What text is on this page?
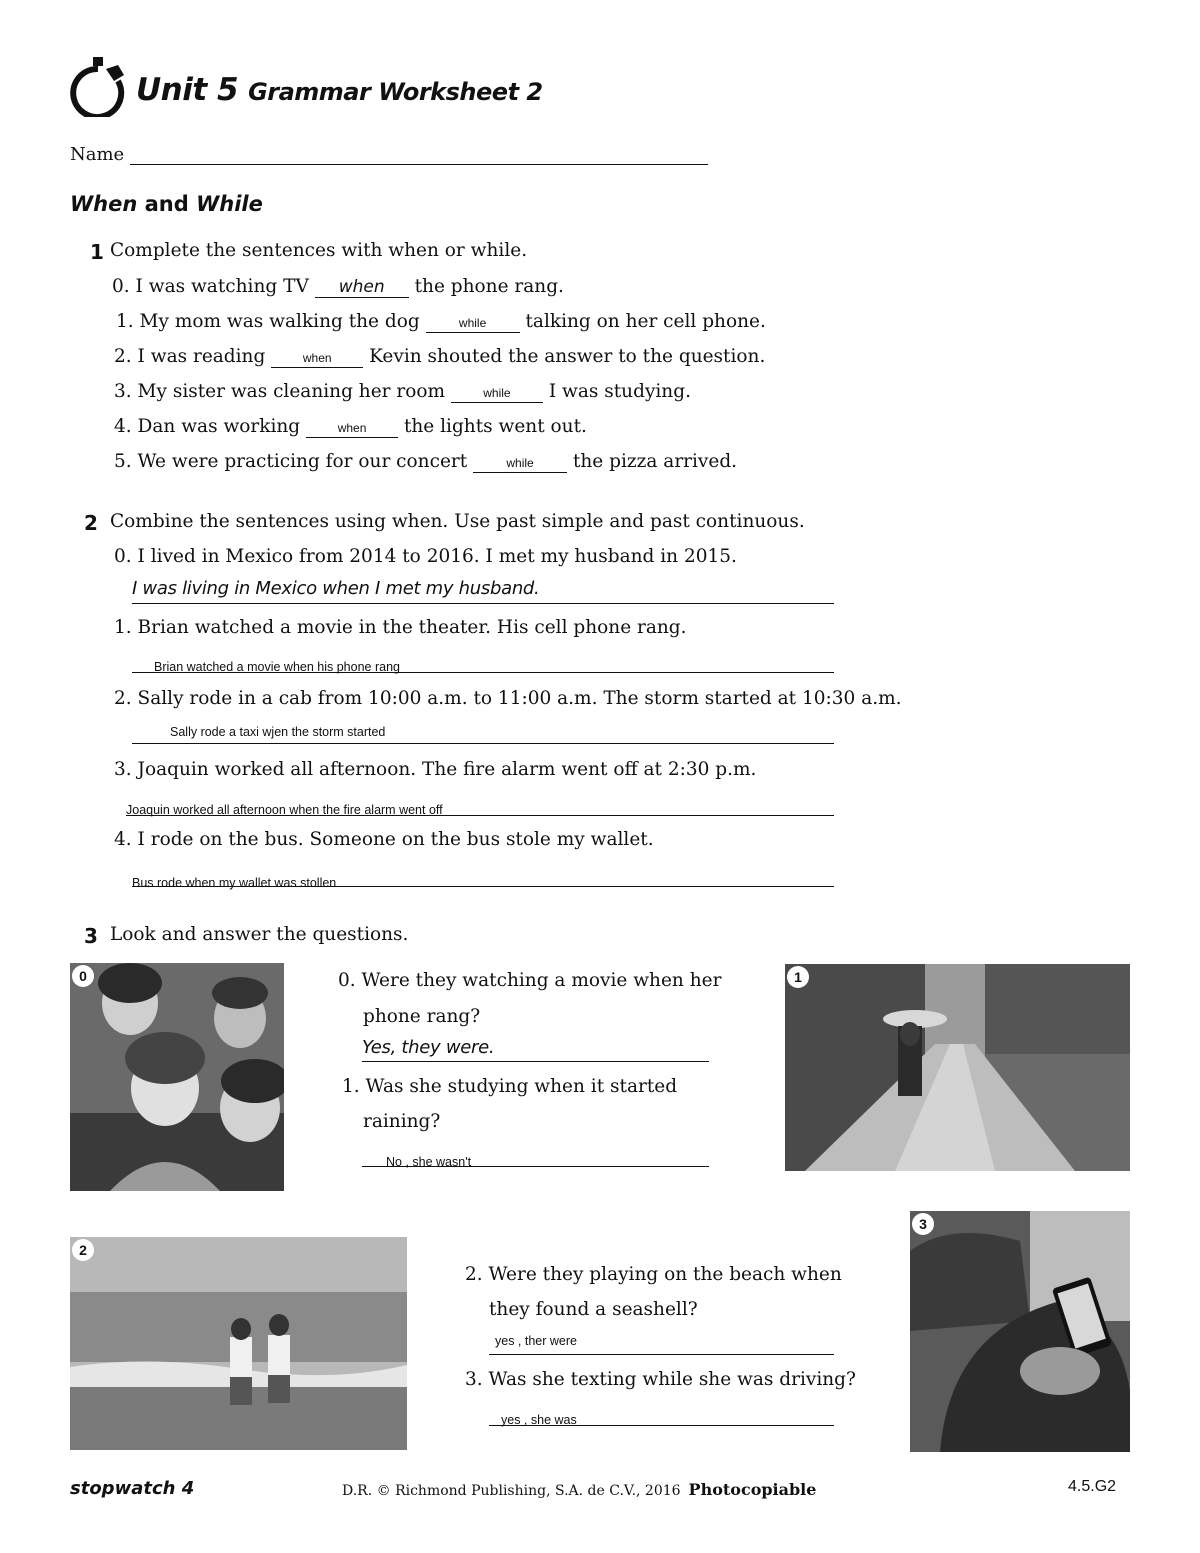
Unit 5 Grammar Worksheet 2
Name
When and While
1 Complete the sentences with when or while.
0. I was watching TV when the phone rang.
1. My mom was walking the dog	while talking on her cell phone.
2. I was reading	when Kevin shouted the answer to the question.
3. My sister was cleaning her room	while I was studying.
4. Dan was working	when the lights went out.
5. We were practicing for our concert	while the pizza arrived.
2 Combine the sentences using when. Use past simple and past continuous.
0. I lived in Mexico from 2014 to 2016. I met my husband in 2015.
I was living in Mexico when I met my husband.
1. Brian watched a movie in the theater. His cell phone rang.
Brian watched a movie when his phone rang
2. Sally rode in a cab from 10:00 a.m. to 11:00 a.m. The storm started at 10:30 a.m.
Sally rode a taxi wjen the storm started
3. Joaquin worked all afternoon. The fire alarm went off at 2:30 p.m.
Joaquin worked all afternoon when the fire alarm went off
4. I rode on the bus. Someone on the bus stole my wallet.
Bus rode when my wallet was stollen
3 Look and answer the questions.
0	1
0. Were they watching a movie when her
phone rang?
Yes, they were.
1. Was she studying when it started
raining?
No , she wasn't
2
3
2. Were they playing on the beach when
they found a seashell?
yes , ther were
3. Was she texting while she was driving?
yes , she was
stopwatch 4	D.R. © Richmond Publishing, S.A. de C.V., 2016 Photocopiable	4.5.G2
